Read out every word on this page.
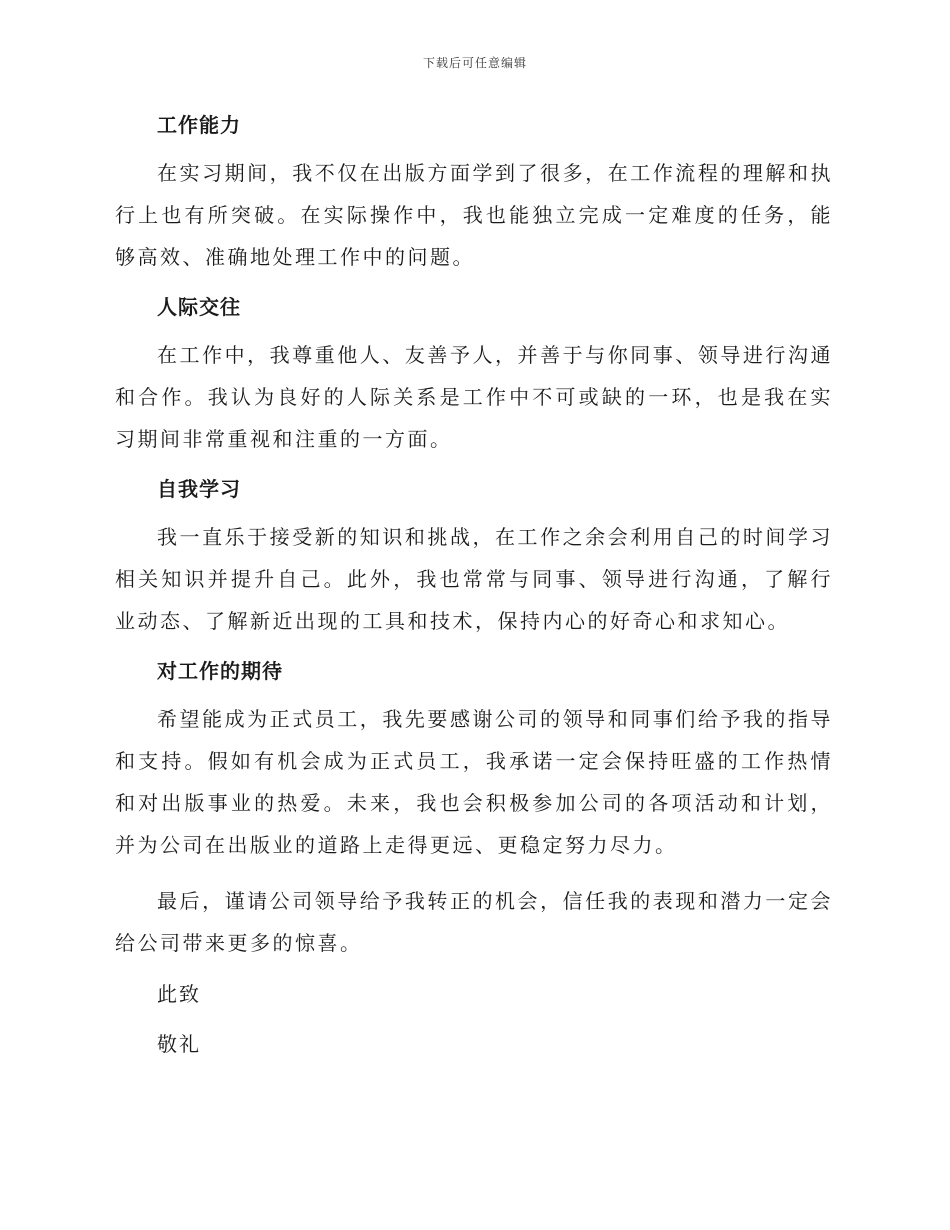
下载后可任意编辑
工作能力

在实习期间，我不仅在出版方面学到了很多，在工作流程的理解和执行上也有所突破。在实际操作中，我也能独立完成一定难度的任务，能够高效、准确地处理工作中的问题。

人际交往

在工作中，我尊重他人、友善予人，并善于与你同事、领导进行沟通和合作。我认为良好的人际关系是工作中不可或缺的一环，也是我在实习期间非常重视和注重的一方面。

自我学习

我一直乐于接受新的知识和挑战，在工作之余会利用自己的时间学习相关知识并提升自己。此外，我也常常与同事、领导进行沟通，了解行业动态、了解新近出现的工具和技术，保持内心的好奇心和求知心。

对工作的期待

希望能成为正式员工，我先要感谢公司的领导和同事们给予我的指导和支持。假如有机会成为正式员工，我承诺一定会保持旺盛的工作热情和对出版事业的热爱。未来，我也会积极参加公司的各项活动和计划，并为公司在出版业的道路上走得更远、更稳定努力尽力。

最后，谨请公司领导给予我转正的机会，信任我的表现和潜力一定会给公司带来更多的惊喜。

此致
敬礼
